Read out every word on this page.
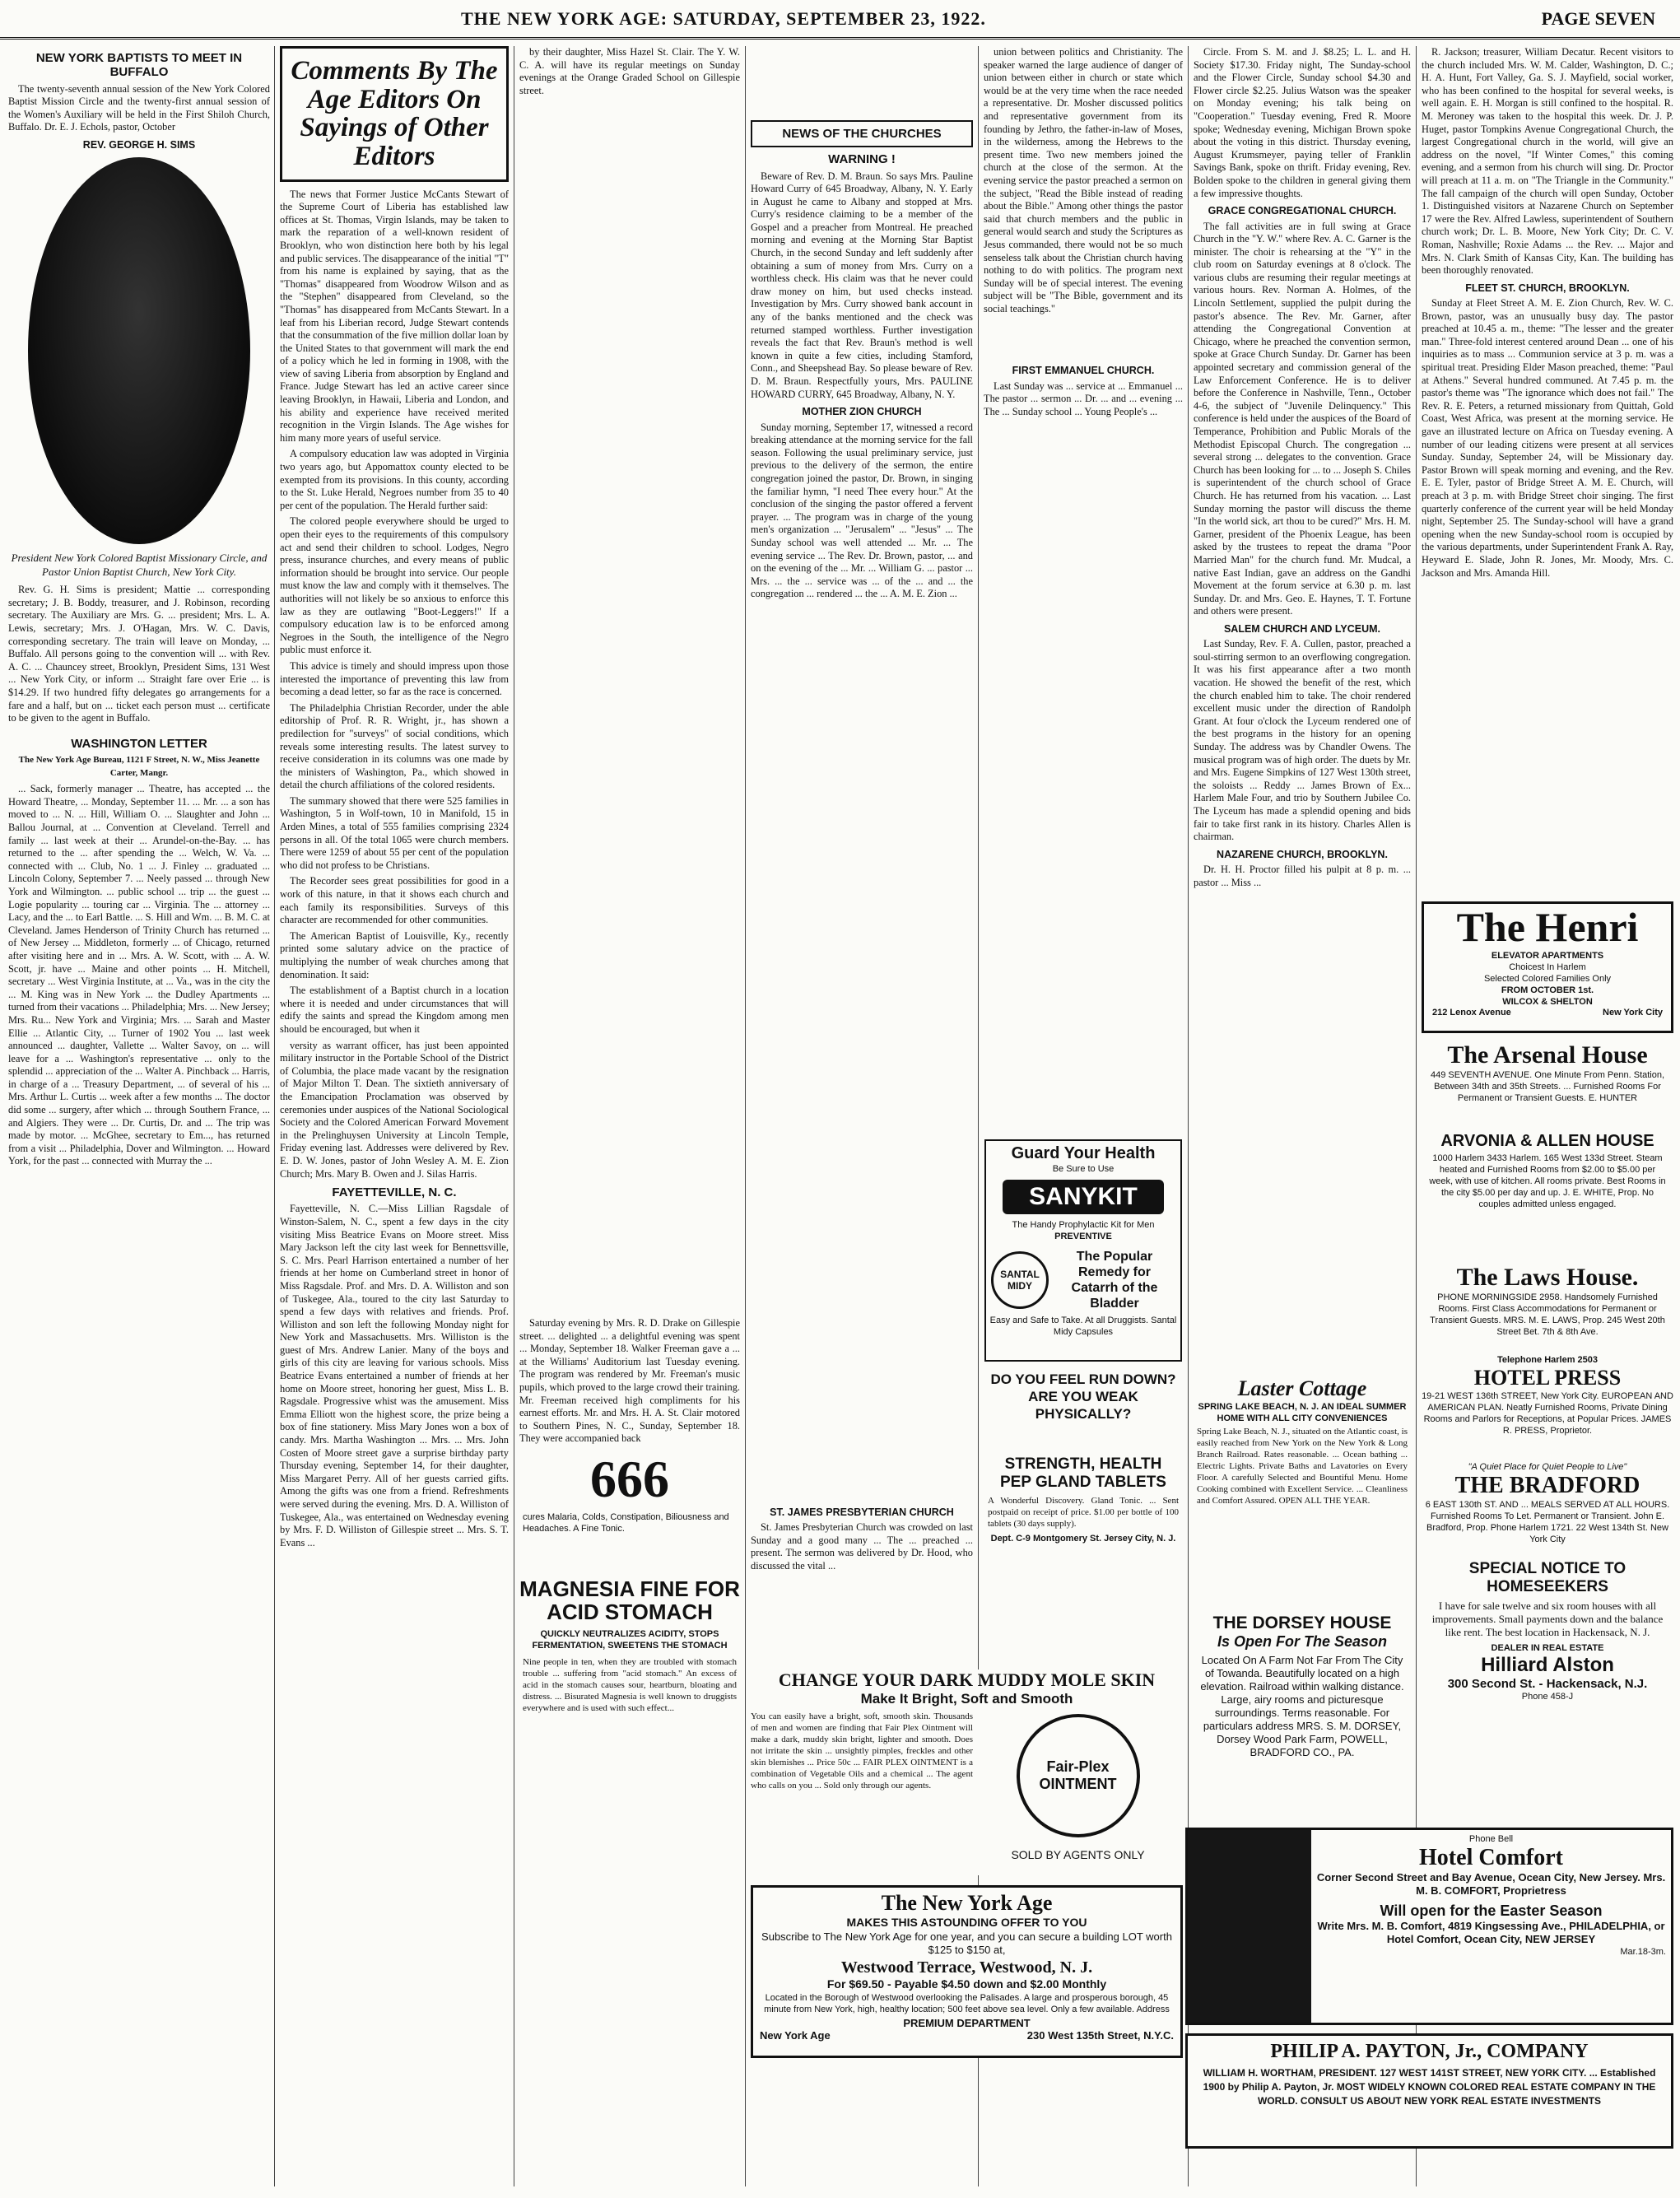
THE NEW YORK AGE: SATURDAY, SEPTEMBER 23, 1922.	PAGE SEVEN
NEW YORK BAPTISTS TO MEET IN BUFFALO

The twenty-seventh annual session of the New York Colored Baptist Mission Circle and the twenty-first annual session of the Women's Auxiliary will be held in the First Shiloh Church, Buffalo. Dr. E. J. Echols, pastor, October

REV. GEORGE H. SIMS
President New York Colored Baptist Missionary Circle, and Pastor Union Baptist Church, New York City.

Rev. G. H. Sims is president; Mattie ... corresponding secretary; J. B. Boddy, treasurer, and J. Robinson, recording secretary. The Auxiliary are Mrs. G. ... president; Mrs. L. A. Lewis, secretary; Mrs. J. O'Hagan, Mrs. W. C. Davis, corresponding secretary. The train will leave on Monday, ... Buffalo. All persons going to the convention will ... with Rev. A. C. ... Chauncey street, Brooklyn, President Sims, 131 West ... New York City, or inform ... Straight fare over Erie ... is $14.29. If two hundred fifty delegates go arrangements for a fare and a half, but on ... ticket each person must ... certificate to be given to the agent in Buffalo.

WASHINGTON LETTER
The New York Age Bureau, 1121 F Street, N. W., Miss Jeanette Carter, Mangr.

... Sack, formerly manager ... Theatre, has accepted ... the Howard Theatre, ... Monday, September 11. ... Mr. ... a son has moved to ... N. ... Hill, William O. ... Slaughter and John ... Ballou Journal, at ... Convention at Cleveland. Terrell and family ... last week at their ... Arundel-on-the-Bay. ... has returned to the ... after spending the ... Welch, W. Va. ... connected with ... Club, No. 1 ... J. Finley ... graduated ... Lincoln Colony, September 7. ... Neely passed ... through New York and Wilmington. ... public school ... trip ... the guest ... Logie popularity ... touring car ... Virginia. The ... attorney ... Lacy, and the ... to Earl Battle. ... S. Hill and Wm. ... B. M. C. at Cleveland. James Henderson of Trinity Church has returned ... of New Jersey ... Middleton, formerly ... of Chicago, returned after visiting here and in ... Mrs. A. W. Scott, with ... A. W. Scott, jr. have ... Maine and other points ... H. Mitchell, secretary ... West Virginia Institute, at ... Va., was in the city the ... M. King was in New York ... the Dudley Apartments ... turned from their vacations ... Philadelphia; Mrs. ... New Jersey; Mrs. Ru... New York and Virginia; Mrs. ... Sarah and Master Ellie ... Atlantic City, ... Turner of 1902 You ... last week announced ... daughter, Vallette ... Walter Savoy, on ... will leave for a ... Washington's representative ... only to the splendid ... appreciation of the ... Walter A. Pinchback ... Harris, in charge of a ... Treasury Department, ... of several of his ... Mrs. Arthur L. Curtis ... week after a few months ... The doctor did some ... surgery, after which ... through Southern France, ... and Algiers. They were ... Dr. Curtis, Dr. and ... The trip was made by motor. ... McGhee, secretary to Em..., has returned from a visit ... Philadelphia, Dover and Wilmington. ... Howard York, for the past ... connected with Murray the ...

Comments By The Age Editors On Sayings of Other Editors

The news that Former Justice McCants Stewart of the Supreme Court of Liberia has established law offices at St. Thomas, Virgin Islands, may be taken to mark the reparation of a well-known resident of Brooklyn, who won distinction here both by his legal and public services. The disappearance of the initial "T" from his name is explained by saying, that as the "Thomas" disappeared from Woodrow Wilson and as the "Stephen" disappeared from Cleveland, so the "Thomas" has disappeared from McCants Stewart. In a leaf from his Liberian record, Judge Stewart contends that the consummation of the five million dollar loan by the United States to that government will mark the end of a policy which he led in forming in 1908, with the view of saving Liberia from absorption by England and France. Judge Stewart has led an active career since leaving Brooklyn, in Hawaii, Liberia and London, and his ability and experience have received merited recognition in the Virgin Islands. The Age wishes for him many more years of useful service.

A compulsory education law was adopted in Virginia two years ago, but Appomattox county elected to be exempted from its provisions. In this county, according to the St. Luke Herald, Negroes number from 35 to 40 per cent of the population. The Herald further said:

The colored people everywhere should be urged to open their eyes to the requirements of this compulsory act and send their children to school. Lodges, Negro press, insurance churches, and every means of public information should be brought into service. Our people must know the law and comply with it themselves. The authorities will not likely be so anxious to enforce this law as they are outlawing "Boot-Leggers!" If a compulsory education law is to be enforced among Negroes in the South, the intelligence of the Negro public must enforce it.

This advice is timely and should impress upon those interested the importance of preventing this law from becoming a dead letter, so far as the race is concerned.

The Philadelphia Christian Recorder, under the able editorship of Prof. R. R. Wright, jr., has shown a predilection for "surveys" of social conditions, which reveals some interesting results. The latest survey to receive consideration in its columns was one made by the ministers of Washington, Pa., which showed in detail the church affiliations of the colored residents.

The summary showed that there were 525 families in Washington, 5 in Wolf-town, 10 in Manifold, 15 in Arden Mines, a total of 555 families comprising 2324 persons in all. Of the total 1065 were church members. There were 1259 of about 55 per cent of the population who did not profess to be Christians.

The Recorder sees great possibilities for good in a work of this nature, in that it shows each church and each family its responsibilities. Surveys of this character are recommended for other communities.

The American Baptist of Louisville, Ky., recently printed some salutary advice on the practice of multiplying the number of weak churches among that denomination. It said:

The establishment of a Baptist church in a location where it is needed and under circumstances that will edify the saints and spread the Kingdom among men should be encouraged, but when it

versity as warrant officer, has just been appointed military instructor in the Portable School of the District of Columbia, the place made vacant by the resignation of Major Milton T. Dean. The sixtieth anniversary of the Emancipation Proclamation was observed by ceremonies under auspices of the National Sociological Society and the Colored American Forward Movement in the Prelinghuysen University at Lincoln Temple, Friday evening last. Addresses were delivered by Rev. E. D. W. Jones, pastor of John Wesley A. M. E. Zion Church; Mrs. Mary B. Owen and J. Silas Harris.

FAYETTEVILLE, N. C.

Fayetteville, N. C.—Miss Lillian Ragsdale of Winston-Salem, N. C., spent a few days in the city visiting Miss Beatrice Evans on Moore street. Miss Mary Jackson left the city last week for Bennettsville, S. C. Mrs. Pearl Harrison entertained a number of her friends at her home on Cumberland street in honor of Miss Ragsdale. Prof. and Mrs. D. A. Williston and son of Tuskegee, Ala., toured to the city last Saturday to spend a few days with relatives and friends. Prof. Williston and son left the following Monday night for New York and Massachusetts. Mrs. Williston is the guest of Mrs. Andrew Lanier. Many of the boys and girls of this city are leaving for various schools. Miss Beatrice Evans entertained a number of friends at her home on Moore street, honoring her guest, Miss L. B. Ragsdale. Progressive whist was the amusement. Miss Emma Elliott won the highest score, the prize being a box of fine stationery. Miss Mary Jones won a box of candy. Mrs. Martha Washington ... Mrs. ... Mrs. John Costen of Moore street gave a surprise birthday party Thursday evening, September 14, for their daughter, Miss Margaret Perry. All of her guests carried gifts. Among the gifts was one from a friend. Refreshments were served during the evening. Mrs. D. A. Williston of Tuskegee, Ala., was entertained on Wednesday evening by Mrs. F. D. Williston of Gillespie street ... Mrs. S. T. Evans ...

by their daughter, Miss Hazel St. Clair. The Y. W. C. A. will have its regular meetings on Sunday evenings at the Orange Graded School on Gillespie street.

Saturday evening by Mrs. R. D. Drake on Gillespie street. ... delighted ... a delightful evening was spent ... Monday, September 18. Walker Freeman gave a ... at the Williams' Auditorium last Tuesday evening. The program was rendered by Mr. Freeman's music pupils, which proved to the large crowd their training. Mr. Freeman received high compliments for his earnest efforts. Mr. and Mrs. H. A. St. Clair motored to Southern Pines, N. C., Sunday, September 18. They were accompanied back

666
cures Malaria, Colds, Constipation, Biliousness and Headaches. A Fine Tonic.
MAGNESIA FINE FOR ACID STOMACH
QUICKLY NEUTRALIZES ACIDITY, STOPS FERMENTATION, SWEETENS THE STOMACH
Nine people in ten, when they are troubled with stomach trouble ... suffering from "acid stomach." An excess of acid in the stomach causes sour, heartburn, bloating and distress. ... Bisurated Magnesia is well known to druggists everywhere and is used with such effect...
NEWS OF THE CHURCHES
WARNING !

Beware of Rev. D. M. Braun. So says Mrs. Pauline Howard Curry of 645 Broadway, Albany, N. Y. Early in August he came to Albany and stopped at Mrs. Curry's residence claiming to be a member of the Gospel and a preacher from Montreal. He preached morning and evening at the Morning Star Baptist Church, in the second Sunday and left suddenly after obtaining a sum of money from Mrs. Curry on a worthless check. His claim was that he never could draw money on him, but used checks instead. Investigation by Mrs. Curry showed bank account in any of the banks mentioned and the check was returned stamped worthless. Further investigation reveals the fact that Rev. Braun's method is well known in quite a few cities, including Stamford, Conn., and Sheepshead Bay. So please beware of Rev. D. M. Braun. Respectfully yours, Mrs. PAULINE HOWARD CURRY, 645 Broadway, Albany, N. Y.

MOTHER ZION CHURCH

Sunday morning, September 17, witnessed a record breaking attendance at the morning service for the fall season. Following the usual preliminary service, just previous to the delivery of the sermon, the entire congregation joined the pastor, Dr. Brown, in singing the familiar hymn, "I need Thee every hour." At the conclusion of the singing the pastor offered a fervent prayer. ... The program was in charge of the young men's organization ... "Jerusalem" ... "Jesus" ... The Sunday school was well attended ... Mr. ... The evening service ... The Rev. Dr. Brown, pastor, ... and on the evening of the ... Mr. ... William G. ... pastor ... Mrs. ... the ... service was ... of the ... and ... the congregation ... rendered ... the ... A. M. E. Zion ...

ST. JAMES PRESBYTERIAN CHURCH

St. James Presbyterian Church was crowded on last Sunday and a good many ... The ... preached ... present. The sermon was delivered by Dr. Hood, who discussed the vital ...

union between politics and Christianity. The speaker warned the large audience of danger of union between either in church or state which would be at the very time when the race needed a representative. Dr. Mosher discussed politics and representative government from its founding by Jethro, the father-in-law of Moses, in the wilderness, among the Hebrews to the present time. Two new members joined the church at the close of the sermon. At the evening service the pastor preached a sermon on the subject, "Read the Bible instead of reading about the Bible." Among other things the pastor said that church members and the public in general would search and study the Scriptures as Jesus commanded, there would not be so much senseless talk about the Christian church having nothing to do with politics. The program next Sunday will be of special interest. The evening subject will be "The Bible, government and its social teachings."

FIRST EMMANUEL CHURCH.

Last Sunday was ... service at ... Emmanuel ... The pastor ... sermon ... Dr. ... and ... evening ... The ... Sunday school ... Young People's ...

Guard Your Health
Be Sure to Use
SANYKIT
The Handy Prophylactic Kit for Men
PREVENTIVE
SANTAL MIDY
The Popular Remedy for Catarrh of the Bladder
Easy and Safe to Take. At all Druggists. Santal Midy Capsules
DO YOU FEEL RUN DOWN? ARE YOU WEAK PHYSICALLY?
STRENGTH, HEALTH
PEP GLAND TABLETS
A Wonderful Discovery. Gland Tonic. ... Sent postpaid on receipt of price. $1.00 per bottle of 100 tablets (30 days supply).
Dept. C-9 Montgomery St. Jersey City, N. J.
CHANGE YOUR DARK MUDDY MOLE SKIN
Make It Bright, Soft and Smooth
You can easily have a bright, soft, smooth skin. Thousands of men and women are finding that Fair Plex Ointment will make a dark, muddy skin bright, lighter and smooth. Does not irritate the skin ... unsightly pimples, freckles and other skin blemishes ... Price 50c ... FAIR PLEX OINTMENT is a combination of Vegetable Oils and a chemical ... The agent who calls on you ... Sold only through our agents.
Fair-Plex OINTMENT
SOLD BY AGENTS ONLY
The New York Age
MAKES THIS ASTOUNDING OFFER TO YOU
Subscribe to The New York Age for one year, and you can secure a building LOT worth $125 to $150 at,
Westwood Terrace, Westwood, N. J.
For $69.50 - Payable $4.50 down and $2.00 Monthly
Located in the Borough of Westwood overlooking the Palisades. A large and prosperous borough, 45 minute from New York, high, healthy location; 500 feet above sea level. Only a few available. Address
PREMIUM DEPARTMENT
New York Age	230 West 135th Street, N.Y.C.

Circle. From S. M. and J. $8.25; L. L. and H. Society $17.30. Friday night, The Sunday-school and the Flower Circle, Sunday school $4.30 and Flower circle $2.25. Julius Watson was the speaker on Monday evening; his talk being on "Cooperation." Tuesday evening, Fred R. Moore spoke; Wednesday evening, Michigan Brown spoke about the voting in this district. Thursday evening, August Krumsmeyer, paying teller of Franklin Savings Bank, spoke on thrift. Friday evening, Rev. Bolden spoke to the children in general giving them a few impressive thoughts.

GRACE CONGREGATIONAL CHURCH.

The fall activities are in full swing at Grace Church in the "Y. W." where Rev. A. C. Garner is the minister. The choir is rehearsing at the "Y" in the club room on Saturday evenings at 8 o'clock. The various clubs are resuming their regular meetings at various hours. Rev. Norman A. Holmes, of the Lincoln Settlement, supplied the pulpit during the pastor's absence. The Rev. Mr. Garner, after attending the Congregational Convention at Chicago, where he preached the convention sermon, spoke at Grace Church Sunday. Dr. Garner has been appointed secretary and commission general of the Law Enforcement Conference. He is to deliver before the Conference in Nashville, Tenn., October 4-6, the subject of "Juvenile Delinquency." This conference is held under the auspices of the Board of Temperance, Prohibition and Public Morals of the Methodist Episcopal Church. The congregation ... several strong ... delegates to the convention. Grace Church has been looking for ... to ... Joseph S. Chiles is superintendent of the church school of Grace Church. He has returned from his vacation. ... Last Sunday morning the pastor will discuss the theme "In the world sick, art thou to be cured?" Mrs. H. M. Garner, president of the Phoenix League, has been asked by the trustees to repeat the drama "Poor Married Man" for the church fund. Mr. Mudcal, a native East Indian, gave an address on the Gandhi Movement at the forum service at 6.30 p. m. last Sunday. Dr. and Mrs. Geo. E. Haynes, T. T. Fortune and others were present.

SALEM CHURCH AND LYCEUM.

Last Sunday, Rev. F. A. Cullen, pastor, preached a soul-stirring sermon to an overflowing congregation. It was his first appearance after a two month vacation. He showed the benefit of the rest, which the church enabled him to take. The choir rendered excellent music under the direction of Randolph Grant. At four o'clock the Lyceum rendered one of the best programs in the history for an opening Sunday. The address was by Chandler Owens. The musical program was of high order. The duets by Mr. and Mrs. Eugene Simpkins of 127 West 130th street, the soloists ... Reddy ... James Brown of Ex... Harlem Male Four, and trio by Southern Jubilee Co. The Lyceum has made a splendid opening and bids fair to take first rank in its history. Charles Allen is chairman.

NAZARENE CHURCH, BROOKLYN.

Dr. H. H. Proctor filled his pulpit at 8 p. m. ... pastor ... Miss ...

Laster Cottage
SPRING LAKE BEACH, N. J. AN IDEAL SUMMER HOME WITH ALL CITY CONVENIENCES
Spring Lake Beach, N. J., situated on the Atlantic coast, is easily reached from New York on the New York & Long Branch Railroad. Rates reasonable. ... Ocean bathing ... Electric Lights. Private Baths and Lavatories on Every Floor. A carefully Selected and Bountiful Menu. Home Cooking combined with Excellent Service. ... Cleanliness and Comfort Assured. OPEN ALL THE YEAR.
THE DORSEY HOUSE
Is Open For The Season
Located On A Farm Not Far From The City of Towanda. Beautifully located on a high elevation. Railroad within walking distance. Large, airy rooms and picturesque surroundings. Terms reasonable. For particulars address MRS. S. M. DORSEY, Dorsey Wood Park Farm, POWELL, BRADFORD CO., PA.

R. Jackson; treasurer, William Decatur. Recent visitors to the church included Mrs. W. M. Calder, Washington, D. C.; H. A. Hunt, Fort Valley, Ga. S. J. Mayfield, social worker, who has been confined to the hospital for several weeks, is well again. E. H. Morgan is still confined to the hospital. R. M. Meroney was taken to the hospital this week. Dr. J. P. Huget, pastor Tompkins Avenue Congregational Church, the largest Congregational church in the world, will give an address on the novel, "If Winter Comes," this coming evening, and a sermon from his church will sing. Dr. Proctor will preach at 11 a. m. on "The Triangle in the Community." The fall campaign of the church will open Sunday, October 1. Distinguished visitors at Nazarene Church on September 17 were the Rev. Alfred Lawless, superintendent of Southern church work; Dr. L. B. Moore, New York City; Dr. C. V. Roman, Nashville; Roxie Adams ... the Rev. ... Major and Mrs. N. Clark Smith of Kansas City, Kan. The building has been thoroughly renovated.

FLEET ST. CHURCH, BROOKLYN.

Sunday at Fleet Street A. M. E. Zion Church, Rev. W. C. Brown, pastor, was an unusually busy day. The pastor preached at 10.45 a. m., theme: "The lesser and the greater man." Three-fold interest centered around Dean ... one of his inquiries as to mass ... Communion service at 3 p. m. was a spiritual treat. Presiding Elder Mason preached, theme: "Paul at Athens." Several hundred communed. At 7.45 p. m. the pastor's theme was "The ignorance which does not fail." The Rev. R. E. Peters, a returned missionary from Quittah, Gold Coast, West Africa, was present at the morning service. He gave an illustrated lecture on Africa on Tuesday evening. A number of our leading citizens were present at all services Sunday. Sunday, September 24, will be Missionary day. Pastor Brown will speak morning and evening, and the Rev. E. E. Tyler, pastor of Bridge Street A. M. E. Church, will preach at 3 p. m. with Bridge Street choir singing. The first quarterly conference of the current year will be held Monday night, September 25. The Sunday-school will have a grand opening when the new Sunday-school room is occupied by the various departments, under Superintendent Frank A. Ray, Heyward E. Slade, John R. Jones, Mr. Moody, Mrs. C. Jackson and Mrs. Amanda Hill.

The Henri
ELEVATOR APARTMENTS
Choicest In Harlem
Selected Colored Families Only
FROM OCTOBER 1st.
WILCOX & SHELTON
212 Lenox Avenue	New York City
The Arsenal House
449 SEVENTH AVENUE. One Minute From Penn. Station, Between 34th and 35th Streets. ... Furnished Rooms For Permanent or Transient Guests. E. HUNTER
ARVONIA & ALLEN HOUSE
1000 Harlem 3433 Harlem. 165 West 133d Street. Steam heated and Furnished Rooms from $2.00 to $5.00 per week, with use of kitchen. All rooms private. Best Rooms in the city $5.00 per day and up. J. E. WHITE, Prop. No couples admitted unless engaged.
The Laws House.
PHONE MORNINGSIDE 2958. Handsomely Furnished Rooms. First Class Accommodations for Permanent or Transient Guests. MRS. M. E. LAWS, Prop. 245 West 20th Street Bet. 7th & 8th Ave.
Telephone Harlem 2503
HOTEL PRESS
19-21 WEST 136th STREET, New York City. EUROPEAN AND AMERICAN PLAN. Neatly Furnished Rooms, Private Dining Rooms and Parlors for Receptions, at Popular Prices. JAMES R. PRESS, Proprietor.
"A Quiet Place for Quiet People to Live"
THE BRADFORD
6 EAST 130th ST. AND ... MEALS SERVED AT ALL HOURS. Furnished Rooms To Let. Permanent or Transient. John E. Bradford, Prop. Phone Harlem 1721. 22 West 134th St. New York City
SPECIAL NOTICE TO HOMESEEKERS
I have for sale twelve and six room houses with all improvements. Small payments down and the balance like rent. The best location in Hackensack, N. J.
DEALER IN REAL ESTATE
Hilliard Alston
300 Second St. - Hackensack, N.J.
Phone 458-J
Phone Bell
Hotel Comfort
Corner Second Street and Bay Avenue, Ocean City, New Jersey. Mrs. M. B. COMFORT, Proprietress
Will open for the Easter Season
Write Mrs. M. B. Comfort, 4819 Kingsessing Ave., PHILADELPHIA, or Hotel Comfort, Ocean City, NEW JERSEY
Mar.18-3m.
PHILIP A. PAYTON, Jr., COMPANY
WILLIAM H. WORTHAM, PRESIDENT. 127 WEST 141ST STREET, NEW YORK CITY. ... Established 1900 by Philip A. Payton, Jr. MOST WIDELY KNOWN COLORED REAL ESTATE COMPANY IN THE WORLD. CONSULT US ABOUT NEW YORK REAL ESTATE INVESTMENTS
